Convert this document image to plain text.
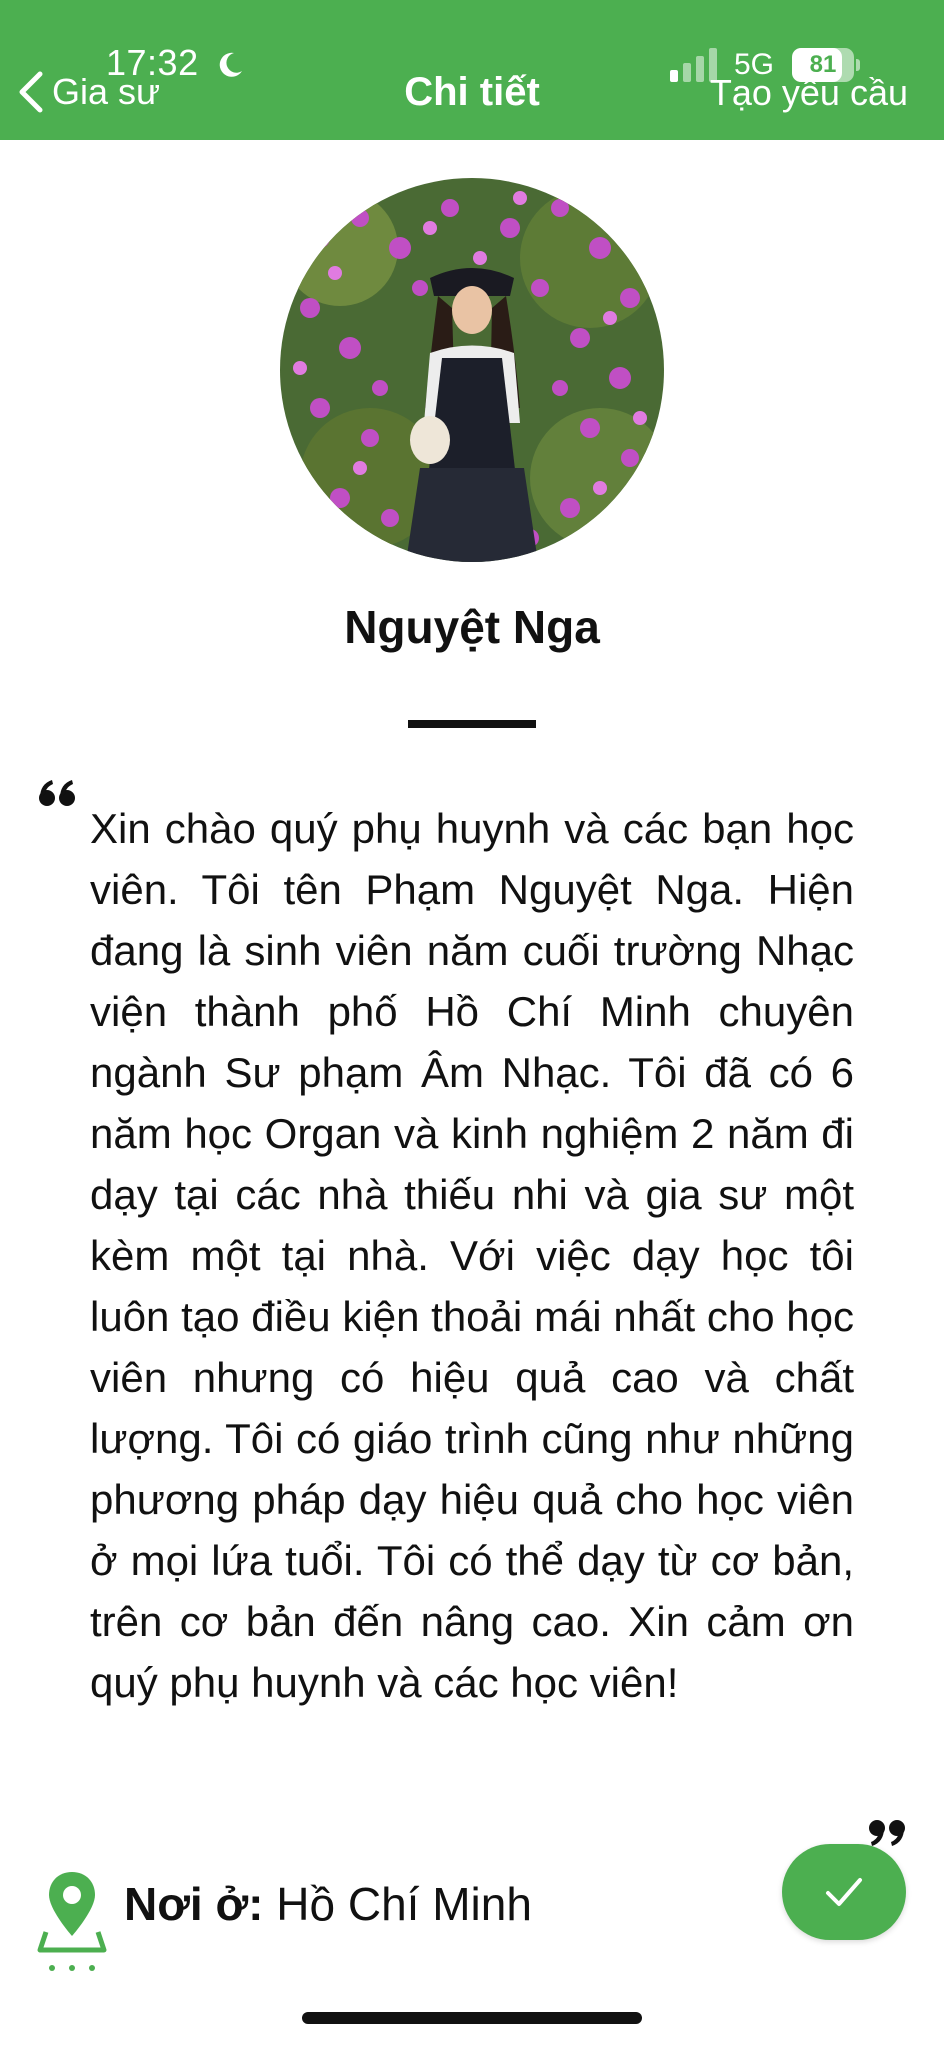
17:32
Gia sư	Chi tiết
5G	81
Tạo yêu cầu
Nguyệt Nga

Xin chào quý phụ huynh và các bạn học viên. Tôi tên Phạm Nguyệt Nga. Hiện đang là sinh viên năm cuối trường Nhạc viện thành phố Hồ Chí Minh chuyên ngành Sư phạm Âm Nhạc. Tôi đã có 6 năm học Organ và kinh nghiệm 2 năm đi dạy tại các nhà thiếu nhi và gia sư một kèm một tại nhà. Với việc dạy học tôi luôn tạo điều kiện thoải mái nhất cho học viên nhưng có hiệu quả cao và chất lượng. Tôi có giáo trình cũng như những phương pháp dạy hiệu quả cho học viên ở mọi lứa tuổi. Tôi có thể dạy từ cơ bản, trên cơ bản đến nâng cao. Xin cảm ơn quý phụ huynh và các học viên!

Nơi ở: Hồ Chí Minh
